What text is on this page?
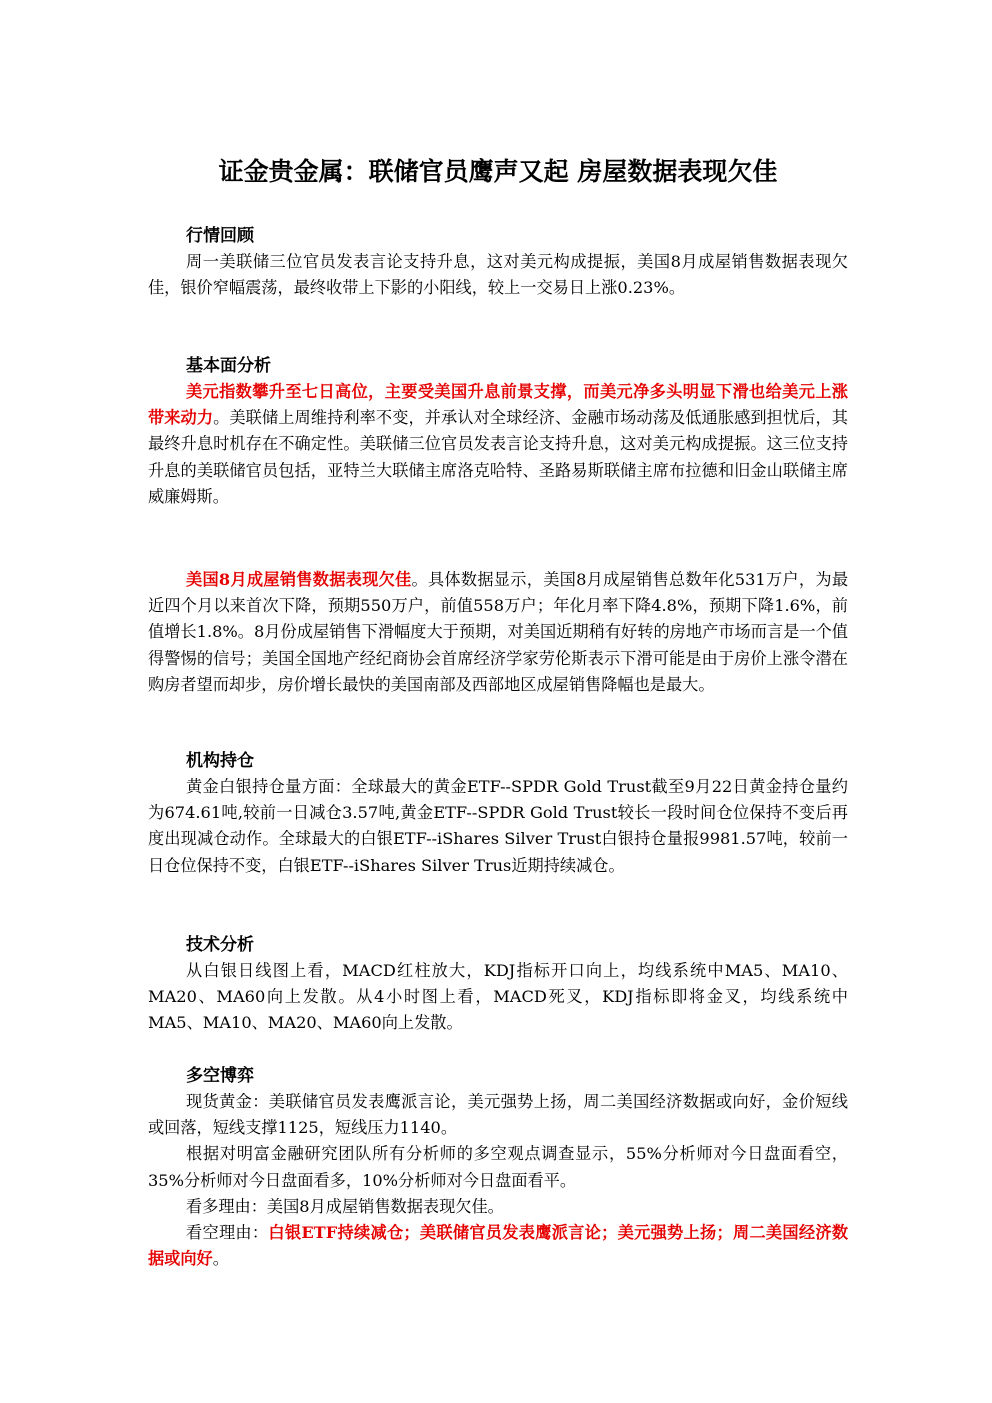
证金贵金属：联储官员鹰声又起 房屋数据表现欠佳
行情回顾

周一美联储三位官员发表言论支持升息，这对美元构成提振，美国8月成屋销售数据表现欠佳，银价窄幅震荡，最终收带上下影的小阳线，较上一交易日上涨0.23%。

基本面分析

美元指数攀升至七日高位，主要受美国升息前景支撑，而美元净多头明显下滑也给美元上涨带来动力。美联储上周维持利率不变，并承认对全球经济、金融市场动荡及低通胀感到担忧后，其最终升息时机存在不确定性。美联储三位官员发表言论支持升息，这对美元构成提振。这三位支持升息的美联储官员包括，亚特兰大联储主席洛克哈特、圣路易斯联储主席布拉德和旧金山联储主席威廉姆斯。

美国8月成屋销售数据表现欠佳。具体数据显示，美国8月成屋销售总数年化531万户，为最近四个月以来首次下降，预期550万户，前值558万户；年化月率下降4.8%，预期下降1.6%，前值增长1.8%。8月份成屋销售下滑幅度大于预期，对美国近期稍有好转的房地产市场而言是一个值得警惕的信号；美国全国地产经纪商协会首席经济学家劳伦斯表示下滑可能是由于房价上涨令潜在购房者望而却步，房价增长最快的美国南部及西部地区成屋销售降幅也是最大。

机构持仓

黄金白银持仓量方面：全球最大的黄金ETF--SPDR Gold Trust截至9月22日黄金持仓量约为674.61吨,较前一日减仓3.57吨,黄金ETF--SPDR Gold Trust较长一段时间仓位保持不变后再度出现减仓动作。全球最大的白银ETF--iShares Silver Trust白银持仓量报9981.57吨，较前一日仓位保持不变，白银ETF--iShares Silver Trus近期持续减仓。

技术分析

从白银日线图上看，MACD红柱放大，KDJ指标开口向上，均线系统中MA5、MA10、MA20、MA60向上发散。从4小时图上看，MACD死叉，KDJ指标即将金叉，均线系统中MA5、MA10、MA20、MA60向上发散。

多空博弈

现货黄金：美联储官员发表鹰派言论，美元强势上扬，周二美国经济数据或向好，金价短线或回落，短线支撑1125，短线压力1140。

根据对明富金融研究团队所有分析师的多空观点调查显示，55%分析师对今日盘面看空，35%分析师对今日盘面看多，10%分析师对今日盘面看平。

看多理由：美国8月成屋销售数据表现欠佳。

看空理由：白银ETF持续减仓；美联储官员发表鹰派言论；美元强势上扬；周二美国经济数据或向好。
